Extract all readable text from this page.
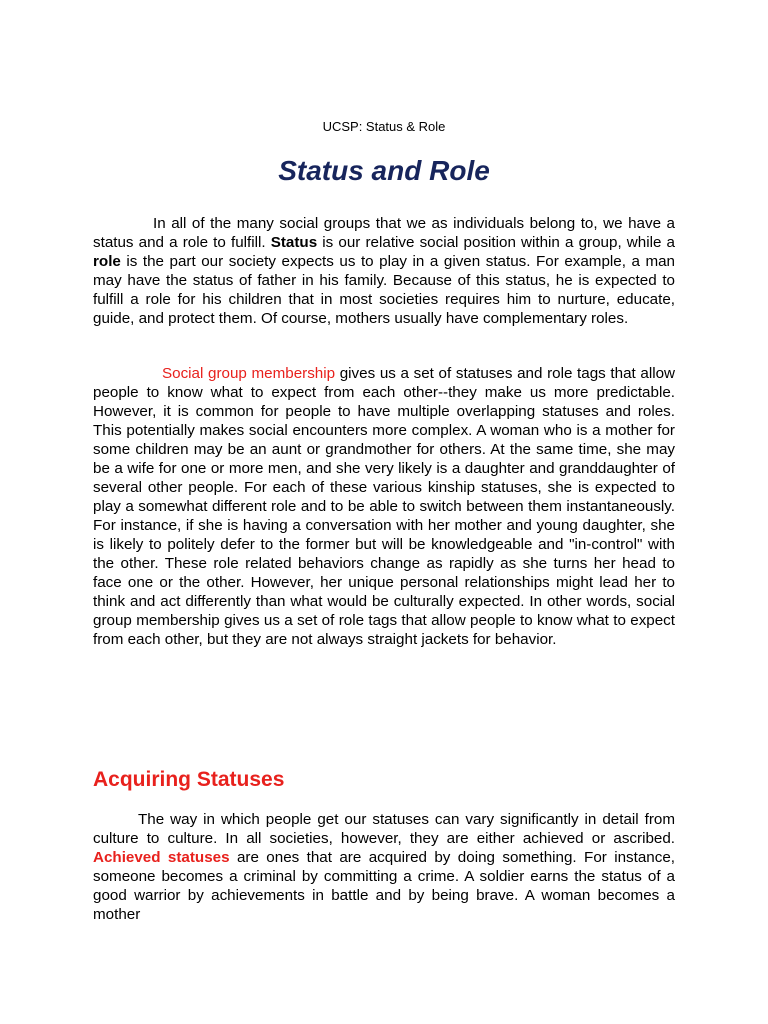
UCSP: Status & Role
Status and Role

In all of the many social groups that we as individuals belong to, we have a status and a role to fulfill. Status is our relative social position within a group, while a role is the part our society expects us to play in a given status. For example, a man may have the status of father in his family. Because of this status, he is expected to fulfill a role for his children that in most societies requires him to nurture, educate, guide, and protect them. Of course, mothers usually have complementary roles.

Social group membership gives us a set of statuses and role tags that allow people to know what to expect from each other--they make us more predictable. However, it is common for people to have multiple overlapping statuses and roles. This potentially makes social encounters more complex. A woman who is a mother for some children may be an aunt or grandmother for others. At the same time, she may be a wife for one or more men, and she very likely is a daughter and granddaughter of several other people. For each of these various kinship statuses, she is expected to play a somewhat different role and to be able to switch between them instantaneously. For instance, if she is having a conversation with her mother and young daughter, she is likely to politely defer to the former but will be knowledgeable and "in-control" with the other. These role related behaviors change as rapidly as she turns her head to face one or the other. However, her unique personal relationships might lead her to think and act differently than what would be culturally expected. In other words, social group membership gives us a set of role tags that allow people to know what to expect from each other, but they are not always straight jackets for behavior.

Acquiring Statuses

The way in which people get our statuses can vary significantly in detail from culture to culture. In all societies, however, they are either achieved or ascribed. Achieved statuses are ones that are acquired by doing something. For instance, someone becomes a criminal by committing a crime. A soldier earns the status of a good warrior by achievements in battle and by being brave. A woman becomes a mother
